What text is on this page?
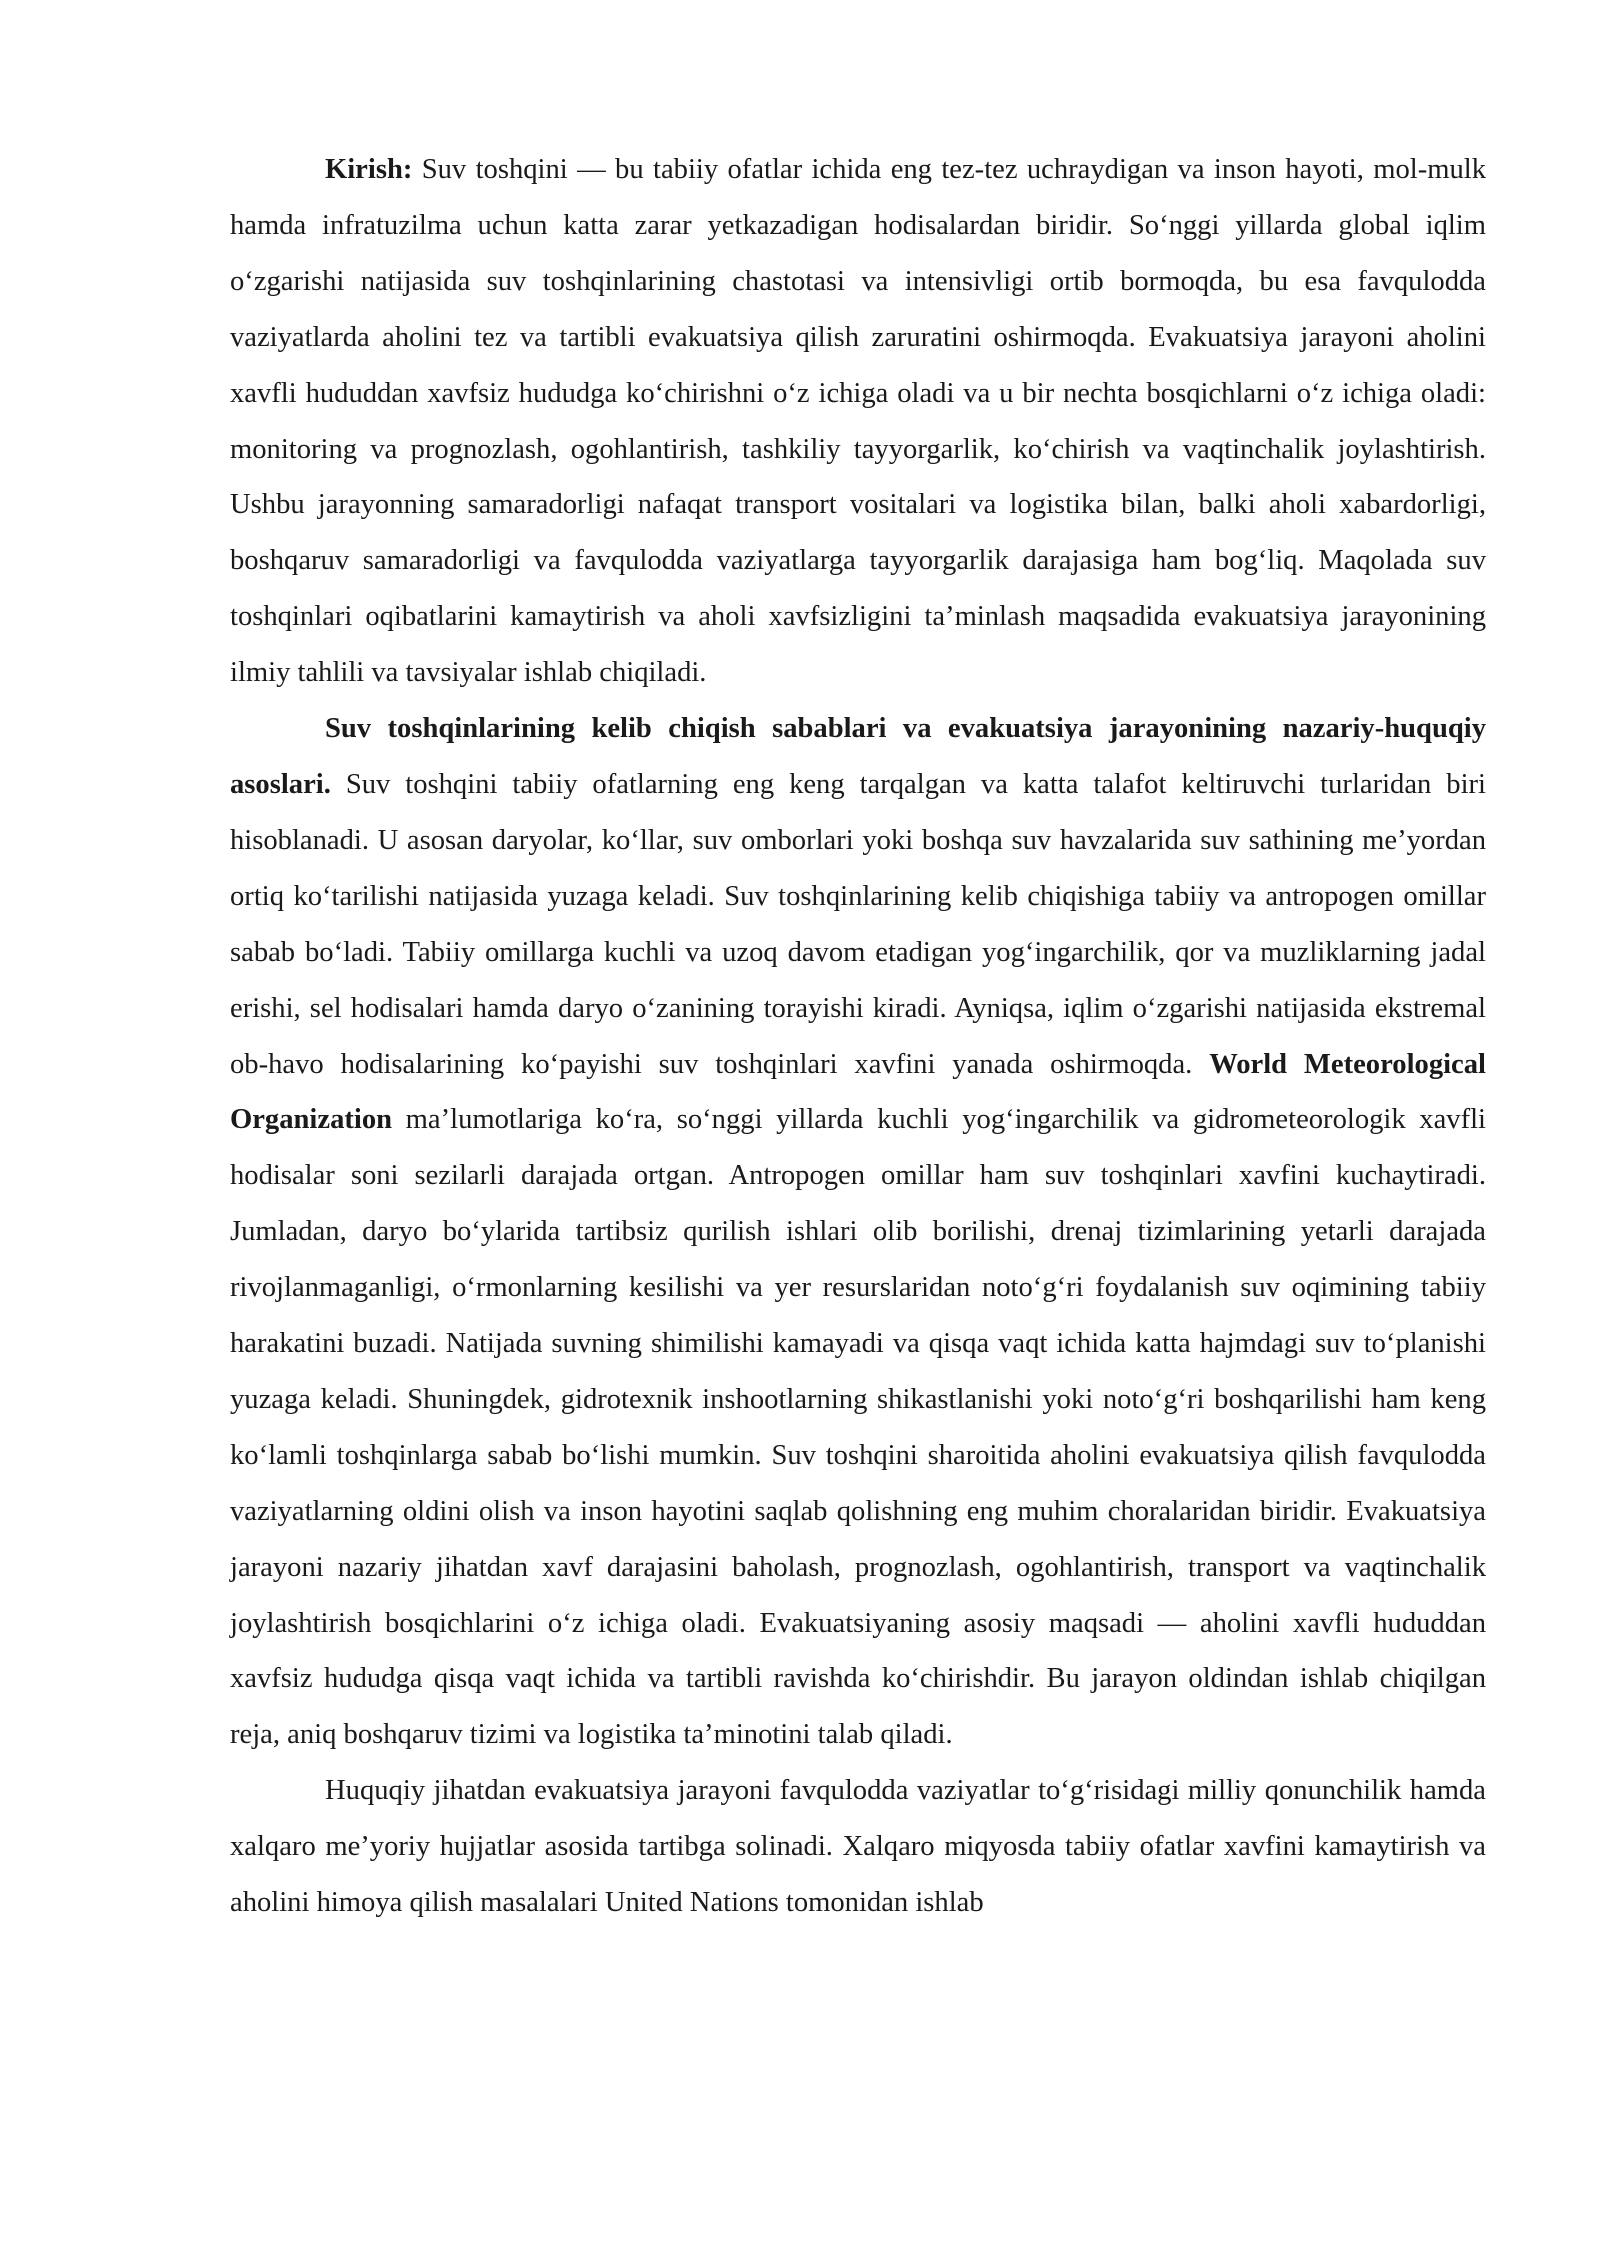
Kirish: Suv toshqini — bu tabiiy ofatlar ichida eng tez-tez uchraydigan va inson hayoti, mol-mulk hamda infratuzilma uchun katta zarar yetkazadigan hodisalardan biridir. So‘nggi yillarda global iqlim o‘zgarishi natijasida suv toshqinlarining chastotasi va intensivligi ortib bormoqda, bu esa favqulodda vaziyatlarda aholini tez va tartibli evakuatsiya qilish zaruratini oshirmoqda. Evakuatsiya jarayoni aholini xavfli hududdan xavfsiz hududga ko‘chirishni o‘z ichiga oladi va u bir nechta bosqichlarni o‘z ichiga oladi: monitoring va prognozlash, ogohlantirish, tashkiliy tayyorgarlik, ko‘chirish va vaqtinchalik joylashtirish. Ushbu jarayonning samaradorligi nafaqat transport vositalari va logistika bilan, balki aholi xabardorligi, boshqaruv samaradorligi va favqulodda vaziyatlarga tayyorgarlik darajasiga ham bog‘liq. Maqolada suv toshqinlari oqibatlarini kamaytirish va aholi xavfsizligini ta’minlash maqsadida evakuatsiya jarayonining ilmiy tahlili va tavsiyalar ishlab chiqiladi.

Suv toshqinlarining kelib chiqish sabablari va evakuatsiya jarayonining nazariy-huquqiy asoslari. Suv toshqini tabiiy ofatlarning eng keng tarqalgan va katta talafot keltiruvchi turlaridan biri hisoblanadi. U asosan daryolar, ko‘llar, suv omborlari yoki boshqa suv havzalarida suv sathining me’yordan ortiq ko‘tarilishi natijasida yuzaga keladi. Suv toshqinlarining kelib chiqishiga tabiiy va antropogen omillar sabab bo‘ladi. Tabiiy omillarga kuchli va uzoq davom etadigan yog‘ingarchilik, qor va muzliklarning jadal erishi, sel hodisalari hamda daryo o‘zanining torayishi kiradi. Ayniqsa, iqlim o‘zgarishi natijasida ekstremal ob-havo hodisalarining ko‘payishi suv toshqinlari xavfini yanada oshirmoqda. World Meteorological Organization ma’lumotlariga ko‘ra, so‘nggi yillarda kuchli yog‘ingarchilik va gidrometeorologik xavfli hodisalar soni sezilarli darajada ortgan. Antropogen omillar ham suv toshqinlari xavfini kuchaytiradi. Jumladan, daryo bo‘ylarida tartibsiz qurilish ishlari olib borilishi, drenaj tizimlarining yetarli darajada rivojlanmaganligi, o‘rmonlarning kesilishi va yer resurslaridan noto‘g‘ri foydalanish suv oqimining tabiiy harakatini buzadi. Natijada suvning shimilishi kamayadi va qisqa vaqt ichida katta hajmdagi suv to‘planishi yuzaga keladi. Shuningdek, gidrotexnik inshootlarning shikastlanishi yoki noto‘g‘ri boshqarilishi ham keng ko‘lamli toshqinlarga sabab bo‘lishi mumkin. Suv toshqini sharoitida aholini evakuatsiya qilish favqulodda vaziyatlarning oldini olish va inson hayotini saqlab qolishning eng muhim choralaridan biridir. Evakuatsiya jarayoni nazariy jihatdan xavf darajasini baholash, prognozlash, ogohlantirish, transport va vaqtinchalik joylashtirish bosqichlarini o‘z ichiga oladi. Evakuatsiyaning asosiy maqsadi — aholini xavfli hududdan xavfsiz hududga qisqa vaqt ichida va tartibli ravishda ko‘chirishdir. Bu jarayon oldindan ishlab chiqilgan reja, aniq boshqaruv tizimi va logistika ta’minotini talab qiladi.

Huquqiy jihatdan evakuatsiya jarayoni favqulodda vaziyatlar to‘g‘risidagi milliy qonunchilik hamda xalqaro me’yoriy hujjatlar asosida tartibga solinadi. Xalqaro miqyosda tabiiy ofatlar xavfini kamaytirish va aholini himoya qilish masalalari United Nations tomonidan ishlab
